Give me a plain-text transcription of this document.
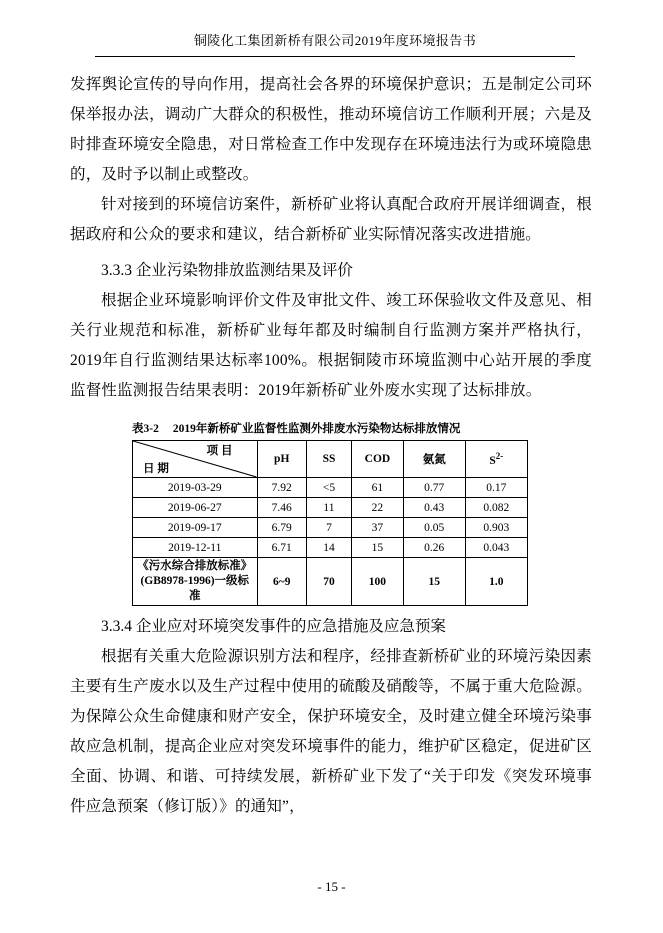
铜陵化工集团新桥有限公司2019年度环境报告书

发挥舆论宣传的导向作用，提高社会各界的环境保护意识；五是制定公司环保举报办法，调动广大群众的积极性，推动环境信访工作顺利开展；六是及时排查环境安全隐患，对日常检查工作中发现存在环境违法行为或环境隐患的，及时予以制止或整改。

针对接到的环境信访案件，新桥矿业将认真配合政府开展详细调查，根据政府和公众的要求和建议，结合新桥矿业实际情况落实改进措施。

3.3.3 企业污染物排放监测结果及评价

根据企业环境影响评价文件及审批文件、竣工环保验收文件及意见、相关行业规范和标准，新桥矿业每年都及时编制自行监测方案并严格执行，2019年自行监测结果达标率100%。根据铜陵市环境监测中心站开展的季度监督性监测报告结果表明：2019年新桥矿业外废水实现了达标排放。

表3-2 2019年新桥矿业监督性监测外排废水污染物达标排放情况
项 目
日 期	pH	SS	COD	氨氮	$S^{2-}$
2019-03-29	7.92	<5	61	0.77	0.17
2019-06-27	7.46	11	22	0.43	0.082
2019-09-17	6.79	7	37	0.05	0.903
2019-12-11	6.71	14	15	0.26	0.043

《污水综合排放标准》
(GB8978-1996)一级标准	6~9	70	100	15	1.0
3.3.4 企业应对环境突发事件的应急措施及应急预案

根据有关重大危险源识别方法和程序，经排查新桥矿业的环境污染因素主要有生产废水以及生产过程中使用的硫酸及硝酸等，不属于重大危险源。为保障公众生命健康和财产安全，保护环境安全，及时建立健全环境污染事故应急机制，提高企业应对突发环境事件的能力，维护矿区稳定，促进矿区全面、协调、和谐、可持续发展，新桥矿业下发了“关于印发《突发环境事件应急预案（修订版）》的通知”，

- 15 -
